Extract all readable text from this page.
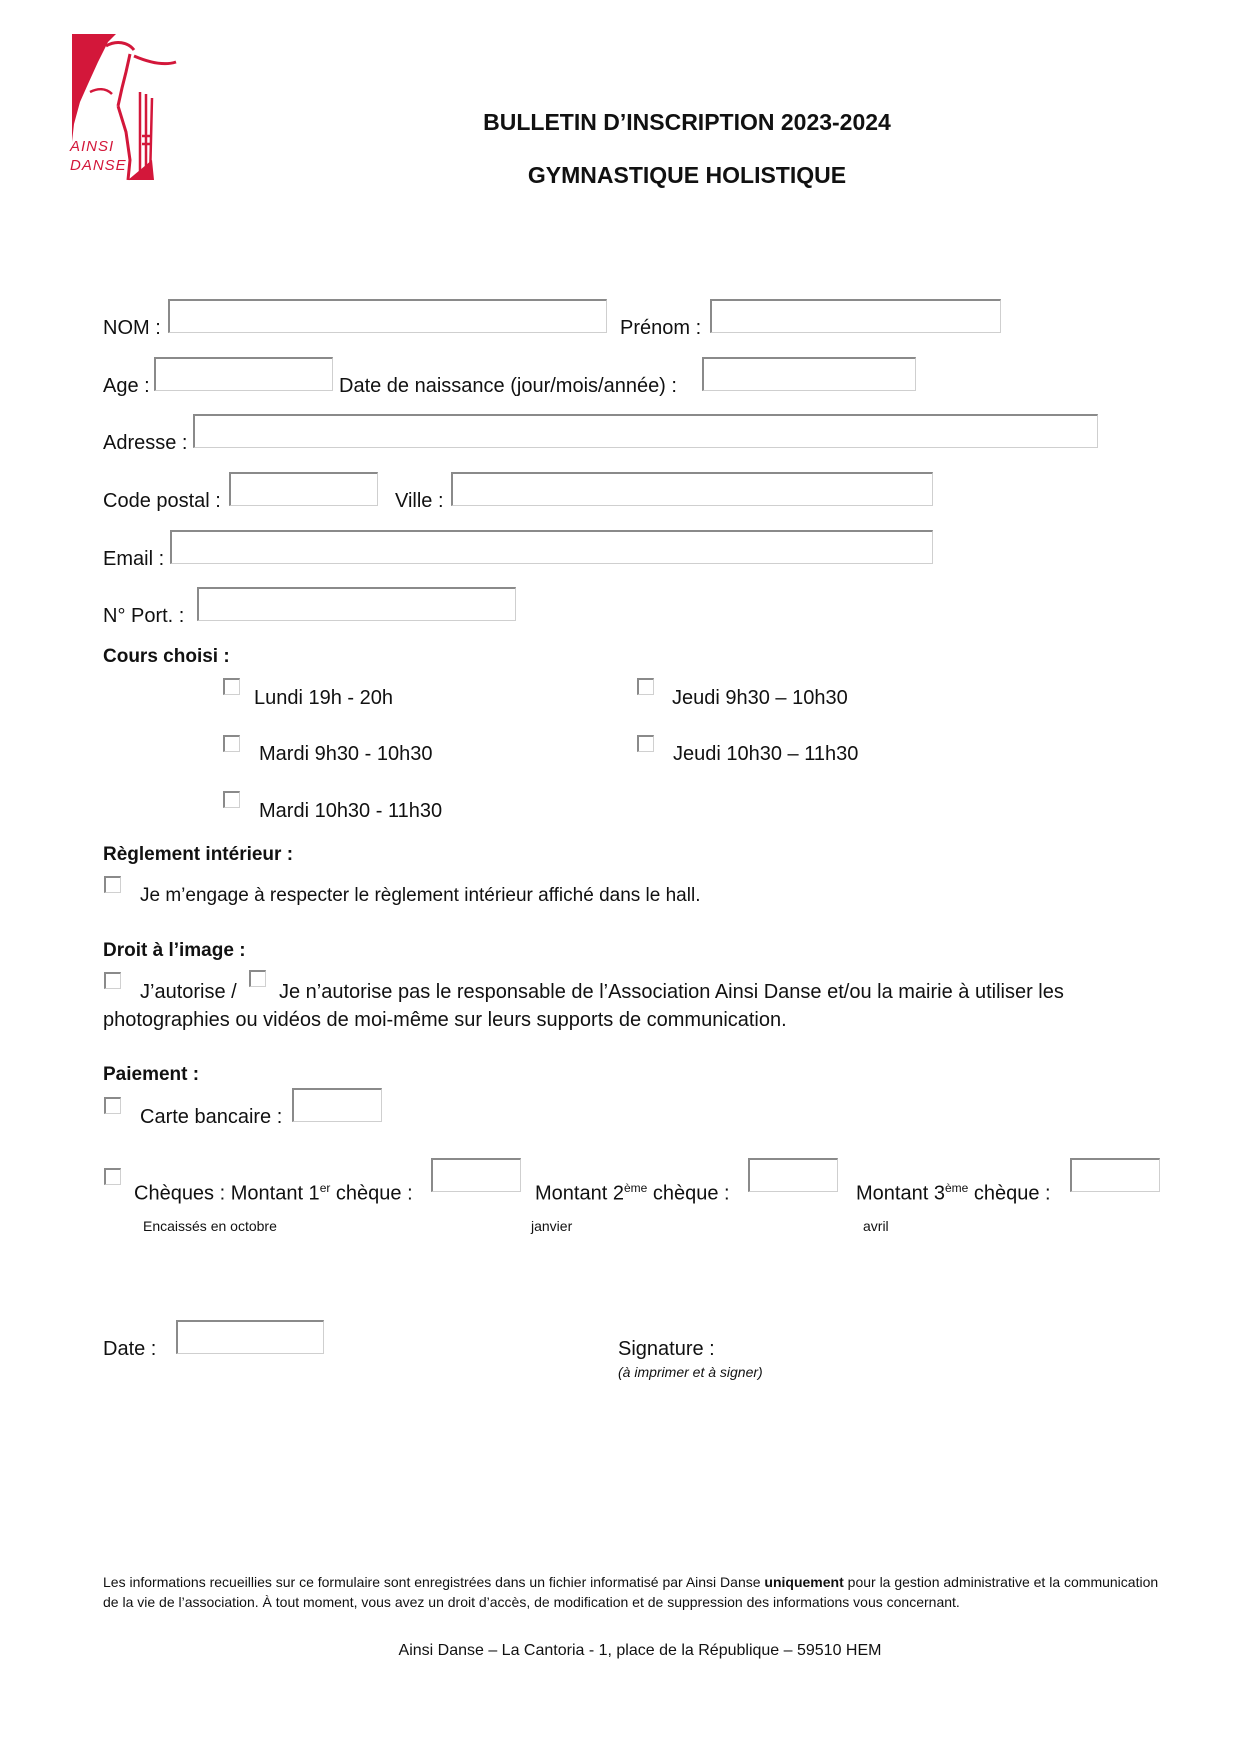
AINSI
DANSE
BULLETIN D’INSCRIPTION 2023-2024
GYMNASTIQUE HOLISTIQUE
NOM :	Prénom :
Age :	Date de naissance (jour/mois/année) :
Adresse :
Code postal :	Ville :
Email :
N° Port. :
Cours choisi :
Lundi 19h - 20h	Jeudi 9h30 – 10h30
Mardi 9h30 - 10h30	Jeudi 10h30 – 11h30
Mardi 10h30 - 11h30
Règlement intérieur :
Je m’engage à respecter le règlement intérieur affiché dans le hall.
Droit à l’image :
J’autorise / Je n’autorise pas le responsable de l’Association Ainsi Danse et/ou la mairie à utiliser les
photographies ou vidéos de moi-même sur leurs supports de communication.
Paiement :
Carte bancaire :
Chèques : Montant 1er chèque :	Montant 2ème chèque :	Montant 3ème chèque :
Encaissés en octobre	janvier	avril
Date :	Signature :
(à imprimer et à signer)
Les informations recueillies sur ce formulaire sont enregistrées dans un fichier informatisé par Ainsi Danse uniquement pour la gestion administrative et la communication de la vie de l’association. À tout moment, vous avez un droit d’accès, de modification et de suppression des informations vous concernant.
Ainsi Danse – La Cantoria - 1, place de la République – 59510 HEM
